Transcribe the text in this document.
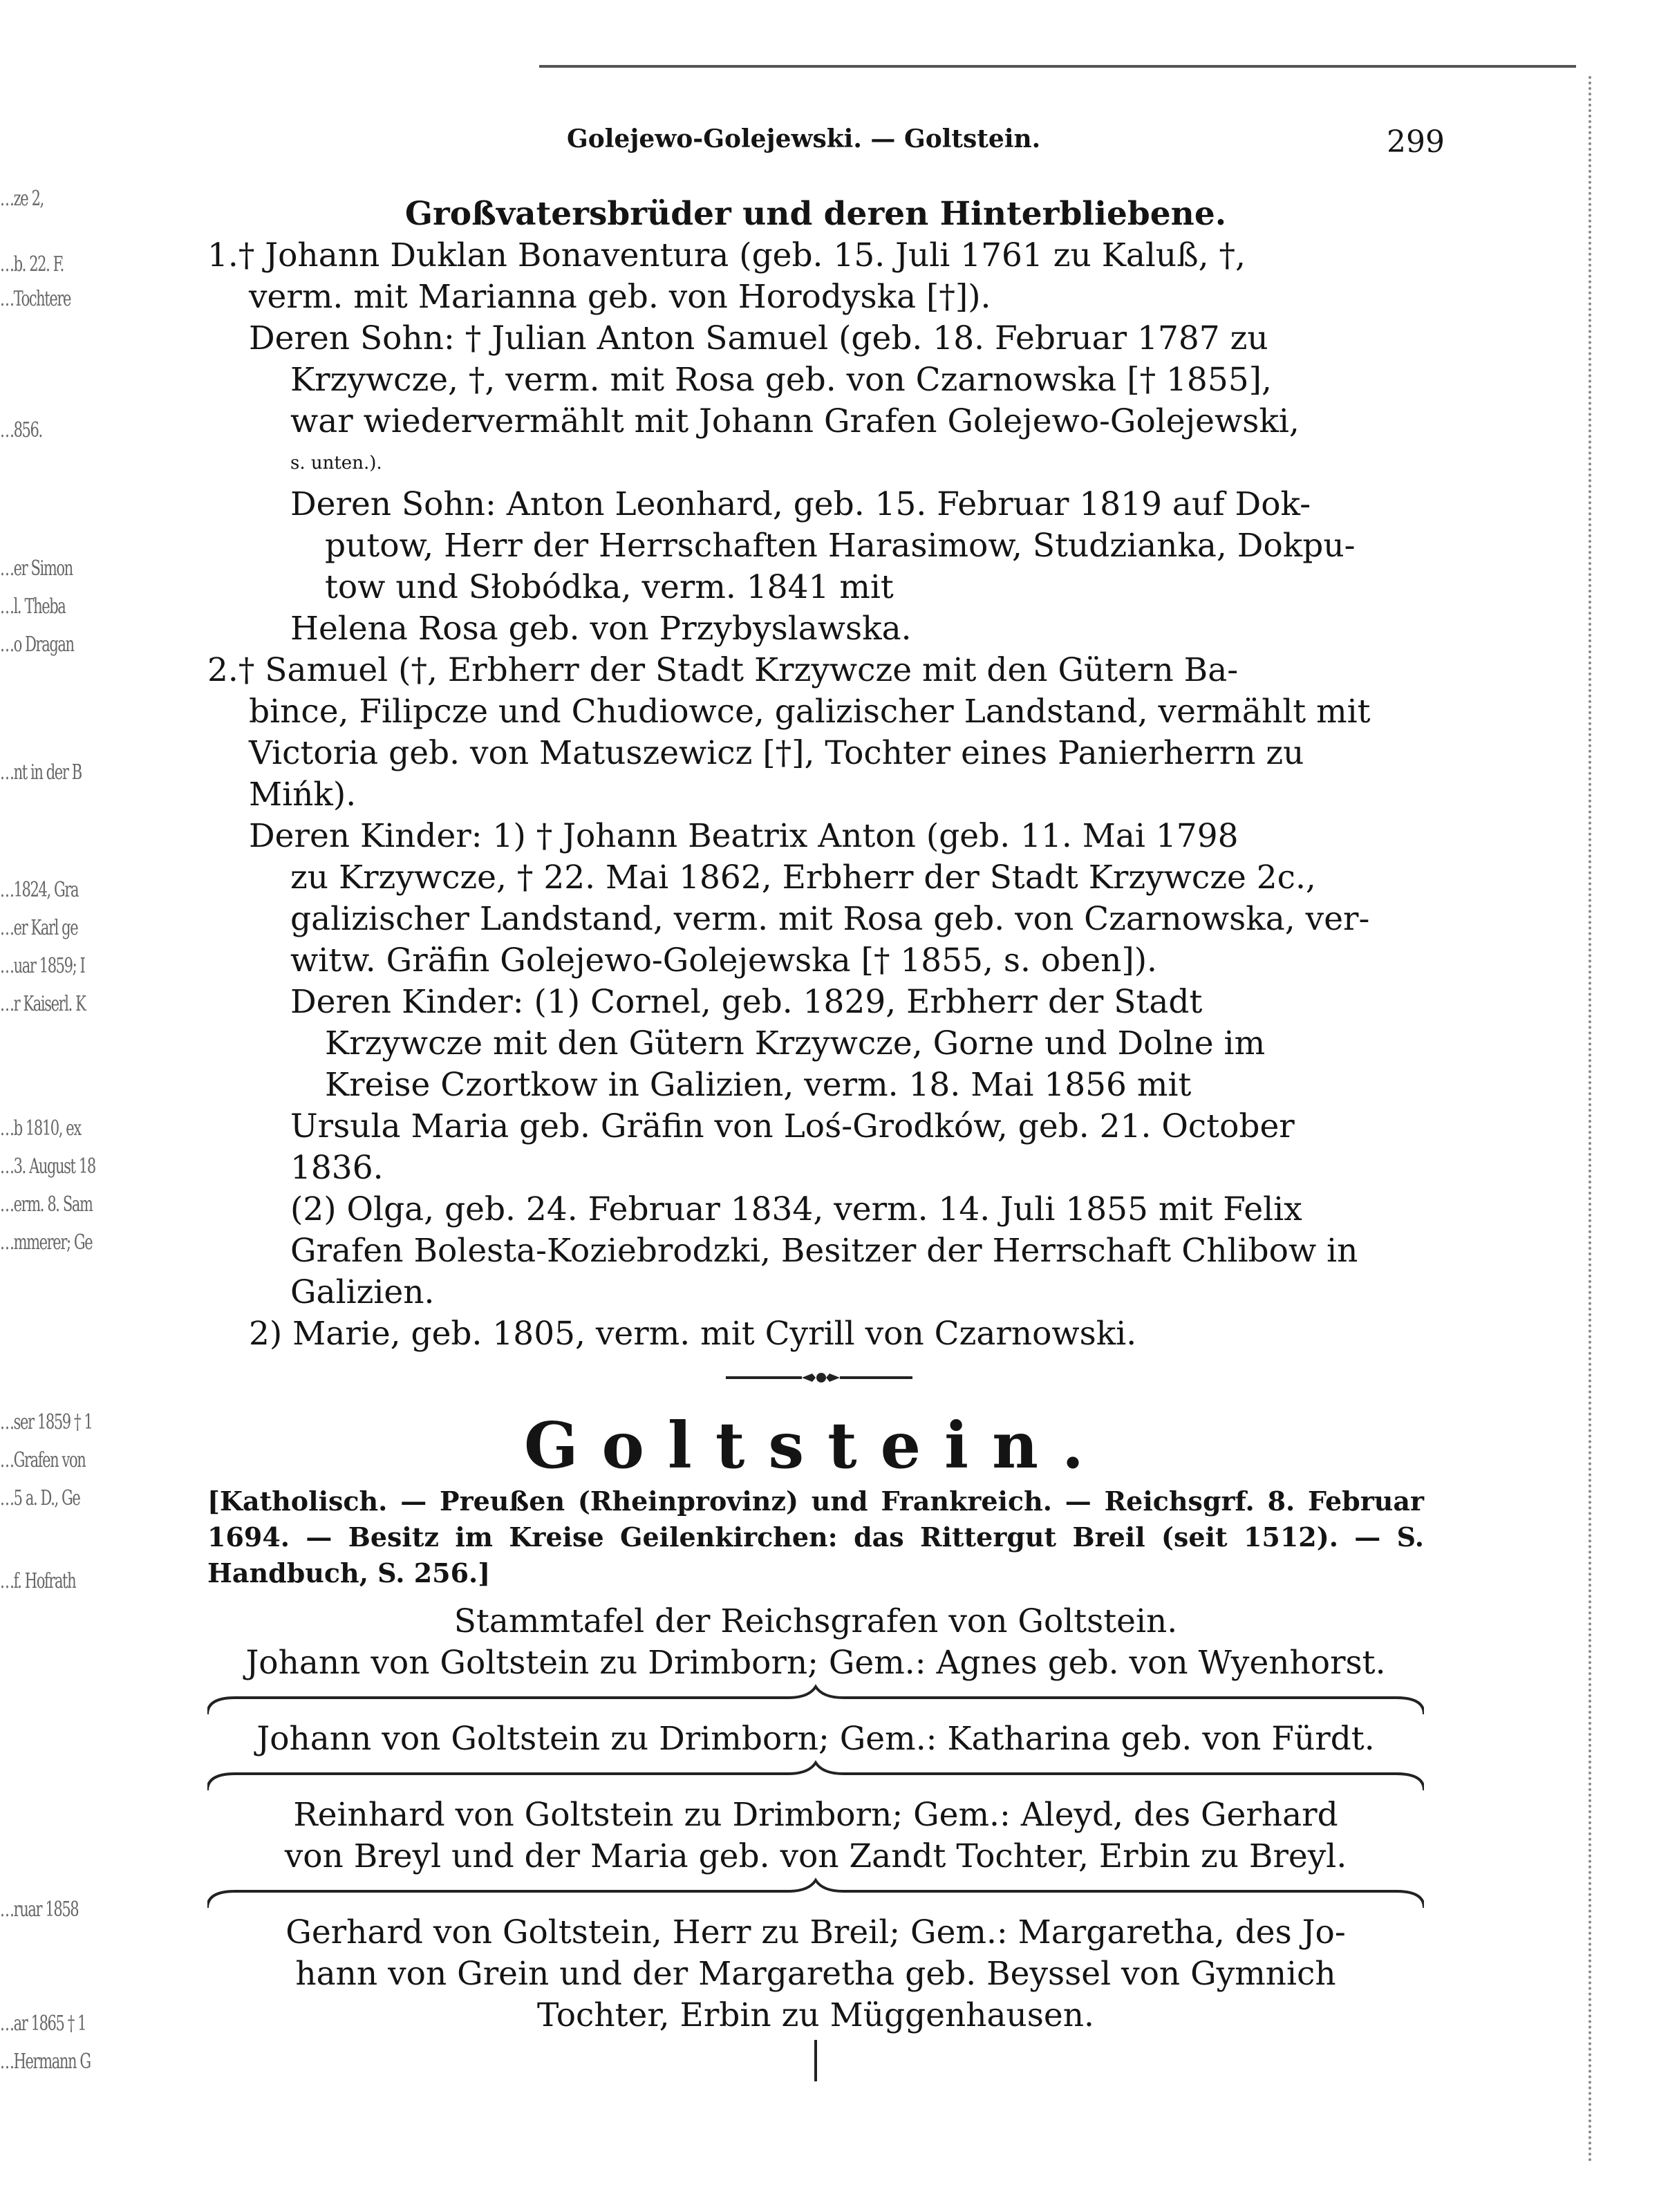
…ze 2,
…b. 22. F.
…Tochtere
…856.
…er Simon
…l. Theba
…o Dragan
…nt in der B
…1824, Gra
…er Karl ge
…uar 1859; I
…r Kaiserl. K
…b 1810, ex
…3. August 18
…erm. 8. Sam
…mmerer; Ge
…ser 1859 † 1
…Grafen von
…5 a. D., Ge
…f. Hofrath
…ruar 1858
…ar 1865 † 1
…Hermann G
Golejewo-Golejewski. — Goltstein.	299

Großvatersbrüder und deren Hinterbliebene.

1.† Johann Duklan Bonaventura (geb. 15. Juli 1761 zu Kaluß, †,

verm. mit Marianna geb. von Horodyska [†]).

Deren Sohn: † Julian Anton Samuel (geb. 18. Februar 1787 zu

Krzywcze, †, verm. mit Rosa geb. von Czarnowska [† 1855],

war wiedervermählt mit Johann Grafen Golejewo-Golejewski,

s. unten.).

Deren Sohn: Anton Leonhard, geb. 15. Februar 1819 auf Dok-

putow, Herr der Herrschaften Harasimow, Studzianka, Dokpu-

tow und Słobódka, verm. 1841 mit

Helena Rosa geb. von Przybyslawska.

2.† Samuel (†, Erbherr der Stadt Krzywcze mit den Gütern Ba-

bince, Filipcze und Chudiowce, galizischer Landstand, vermählt mit

Victoria geb. von Matuszewicz [†], Tochter eines Panierherrn zu

Mińk).

Deren Kinder: 1) † Johann Beatrix Anton (geb. 11. Mai 1798

zu Krzywcze, † 22. Mai 1862, Erbherr der Stadt Krzywcze 2c.,

galizischer Landstand, verm. mit Rosa geb. von Czarnowska, ver-

witw. Gräfin Golejewo-Golejewska [† 1855, s. oben]).

Deren Kinder: (1) Cornel, geb. 1829, Erbherr der Stadt

Krzywcze mit den Gütern Krzywcze, Gorne und Dolne im

Kreise Czortkow in Galizien, verm. 18. Mai 1856 mit

Ursula Maria geb. Gräfin von Loś-Grodków, geb. 21. October

1836.

(2) Olga, geb. 24. Februar 1834, verm. 14. Juli 1855 mit Felix

Grafen Bolesta-Koziebrodzki, Besitzer der Herrschaft Chlibow in

Galizien.

2) Marie, geb. 1805, verm. mit Cyrill von Czarnowski.

Goltstein.

[Katholisch. — Preußen (Rheinprovinz) und Frankreich. — Reichsgrf. 8. Februar 1694. — Besitz im Kreise Geilenkirchen: das Rittergut Breil (seit 1512). — S. Handbuch, S. 256.]

Stammtafel der Reichsgrafen von Goltstein.

Johann von Goltstein zu Drimborn; Gem.: Agnes geb. von Wyenhorst.

Johann von Goltstein zu Drimborn; Gem.: Katharina geb. von Fürdt.

Reinhard von Goltstein zu Drimborn; Gem.: Aleyd, des Gerhard

von Breyl und der Maria geb. von Zandt Tochter, Erbin zu Breyl.

Gerhard von Goltstein, Herr zu Breil; Gem.: Margaretha, des Jo-

hann von Grein und der Margaretha geb. Beyssel von Gymnich

Tochter, Erbin zu Müggenhausen.
